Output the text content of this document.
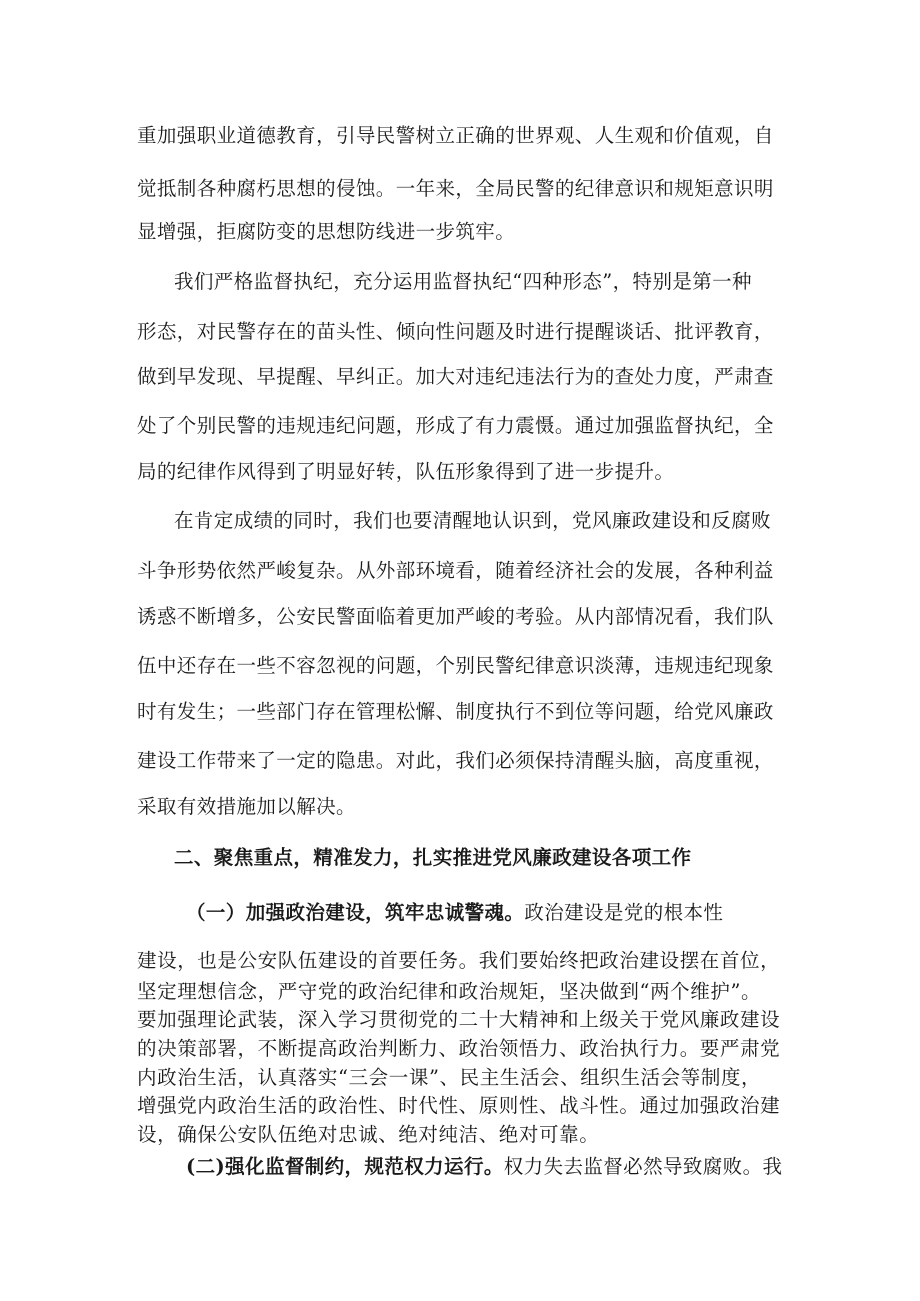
重加强职业道德教育，引导民警树立正确的世界观、人生观和价值观，自
觉抵制各种腐朽思想的侵蚀。一年来，全局民警的纪律意识和规矩意识明
显增强，拒腐防变的思想防线进一步筑牢。
我们严格监督执纪，充分运用监督执纪“四种形态”，特别是第一种
形态，对民警存在的苗头性、倾向性问题及时进行提醒谈话、批评教育，
做到早发现、早提醒、早纠正。加大对违纪违法行为的查处力度，严肃查
处了个别民警的违规违纪问题，形成了有力震慑。通过加强监督执纪，全
局的纪律作风得到了明显好转，队伍形象得到了进一步提升。
在肯定成绩的同时，我们也要清醒地认识到，党风廉政建设和反腐败
斗争形势依然严峻复杂。从外部环境看，随着经济社会的发展，各种利益
诱惑不断增多，公安民警面临着更加严峻的考验。从内部情况看，我们队
伍中还存在一些不容忽视的问题，个别民警纪律意识淡薄，违规违纪现象
时有发生；一些部门存在管理松懈、制度执行不到位等问题，给党风廉政
建设工作带来了一定的隐患。对此，我们必须保持清醒头脑，高度重视，
采取有效措施加以解决。
二、聚焦重点，精准发力，扎实推进党风廉政建设各项工作
（一）加强政治建设，筑牢忠诚警魂。政治建设是党的根本性
建设，也是公安队伍建设的首要任务。我们要始终把政治建设摆在首位，
坚定理想信念，严守党的政治纪律和政治规矩，坚决做到“两个维护”。
要加强理论武装，深入学习贯彻党的二十大精神和上级关于党风廉政建设
的决策部署，不断提高政治判断力、政治领悟力、政治执行力。要严肃党
内政治生活，认真落实“三会一课”、民主生活会、组织生活会等制度，
增强党内政治生活的政治性、时代性、原则性、战斗性。通过加强政治建
设，确保公安队伍绝对忠诚、绝对纯洁、绝对可靠。
(二)强化监督制约，规范权力运行。权力失去监督必然导致腐败。我
